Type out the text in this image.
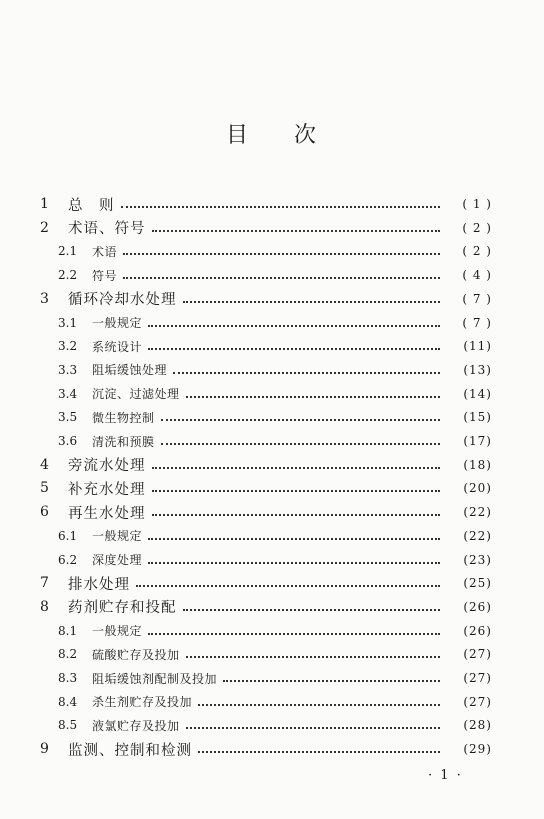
目 次
1	总　则	( 1 )
2	术语、符号	( 2 )
2.1	术语	( 2 )
2.2	符号	( 4 )
3	循环冷却水处理	( 7 )
3.1	一般规定	( 7 )
3.2	系统设计	(11)
3.3	阻垢缓蚀处理	(13)
3.4	沉淀、过滤处理	(14)
3.5	微生物控制	(15)
3.6	清洗和预膜	(17)
4	旁流水处理	(18)
5	补充水处理	(20)
6	再生水处理	(22)
6.1	一般规定	(22)
6.2	深度处理	(23)
7	排水处理	(25)
8	药剂贮存和投配	(26)
8.1	一般规定	(26)
8.2	硫酸贮存及投加	(27)
8.3	阻垢缓蚀剂配制及投加	(27)
8.4	杀生剂贮存及投加	(27)
8.5	液氯贮存及投加	(28)
9	监测、控制和检测	(29)
· 1 ·
